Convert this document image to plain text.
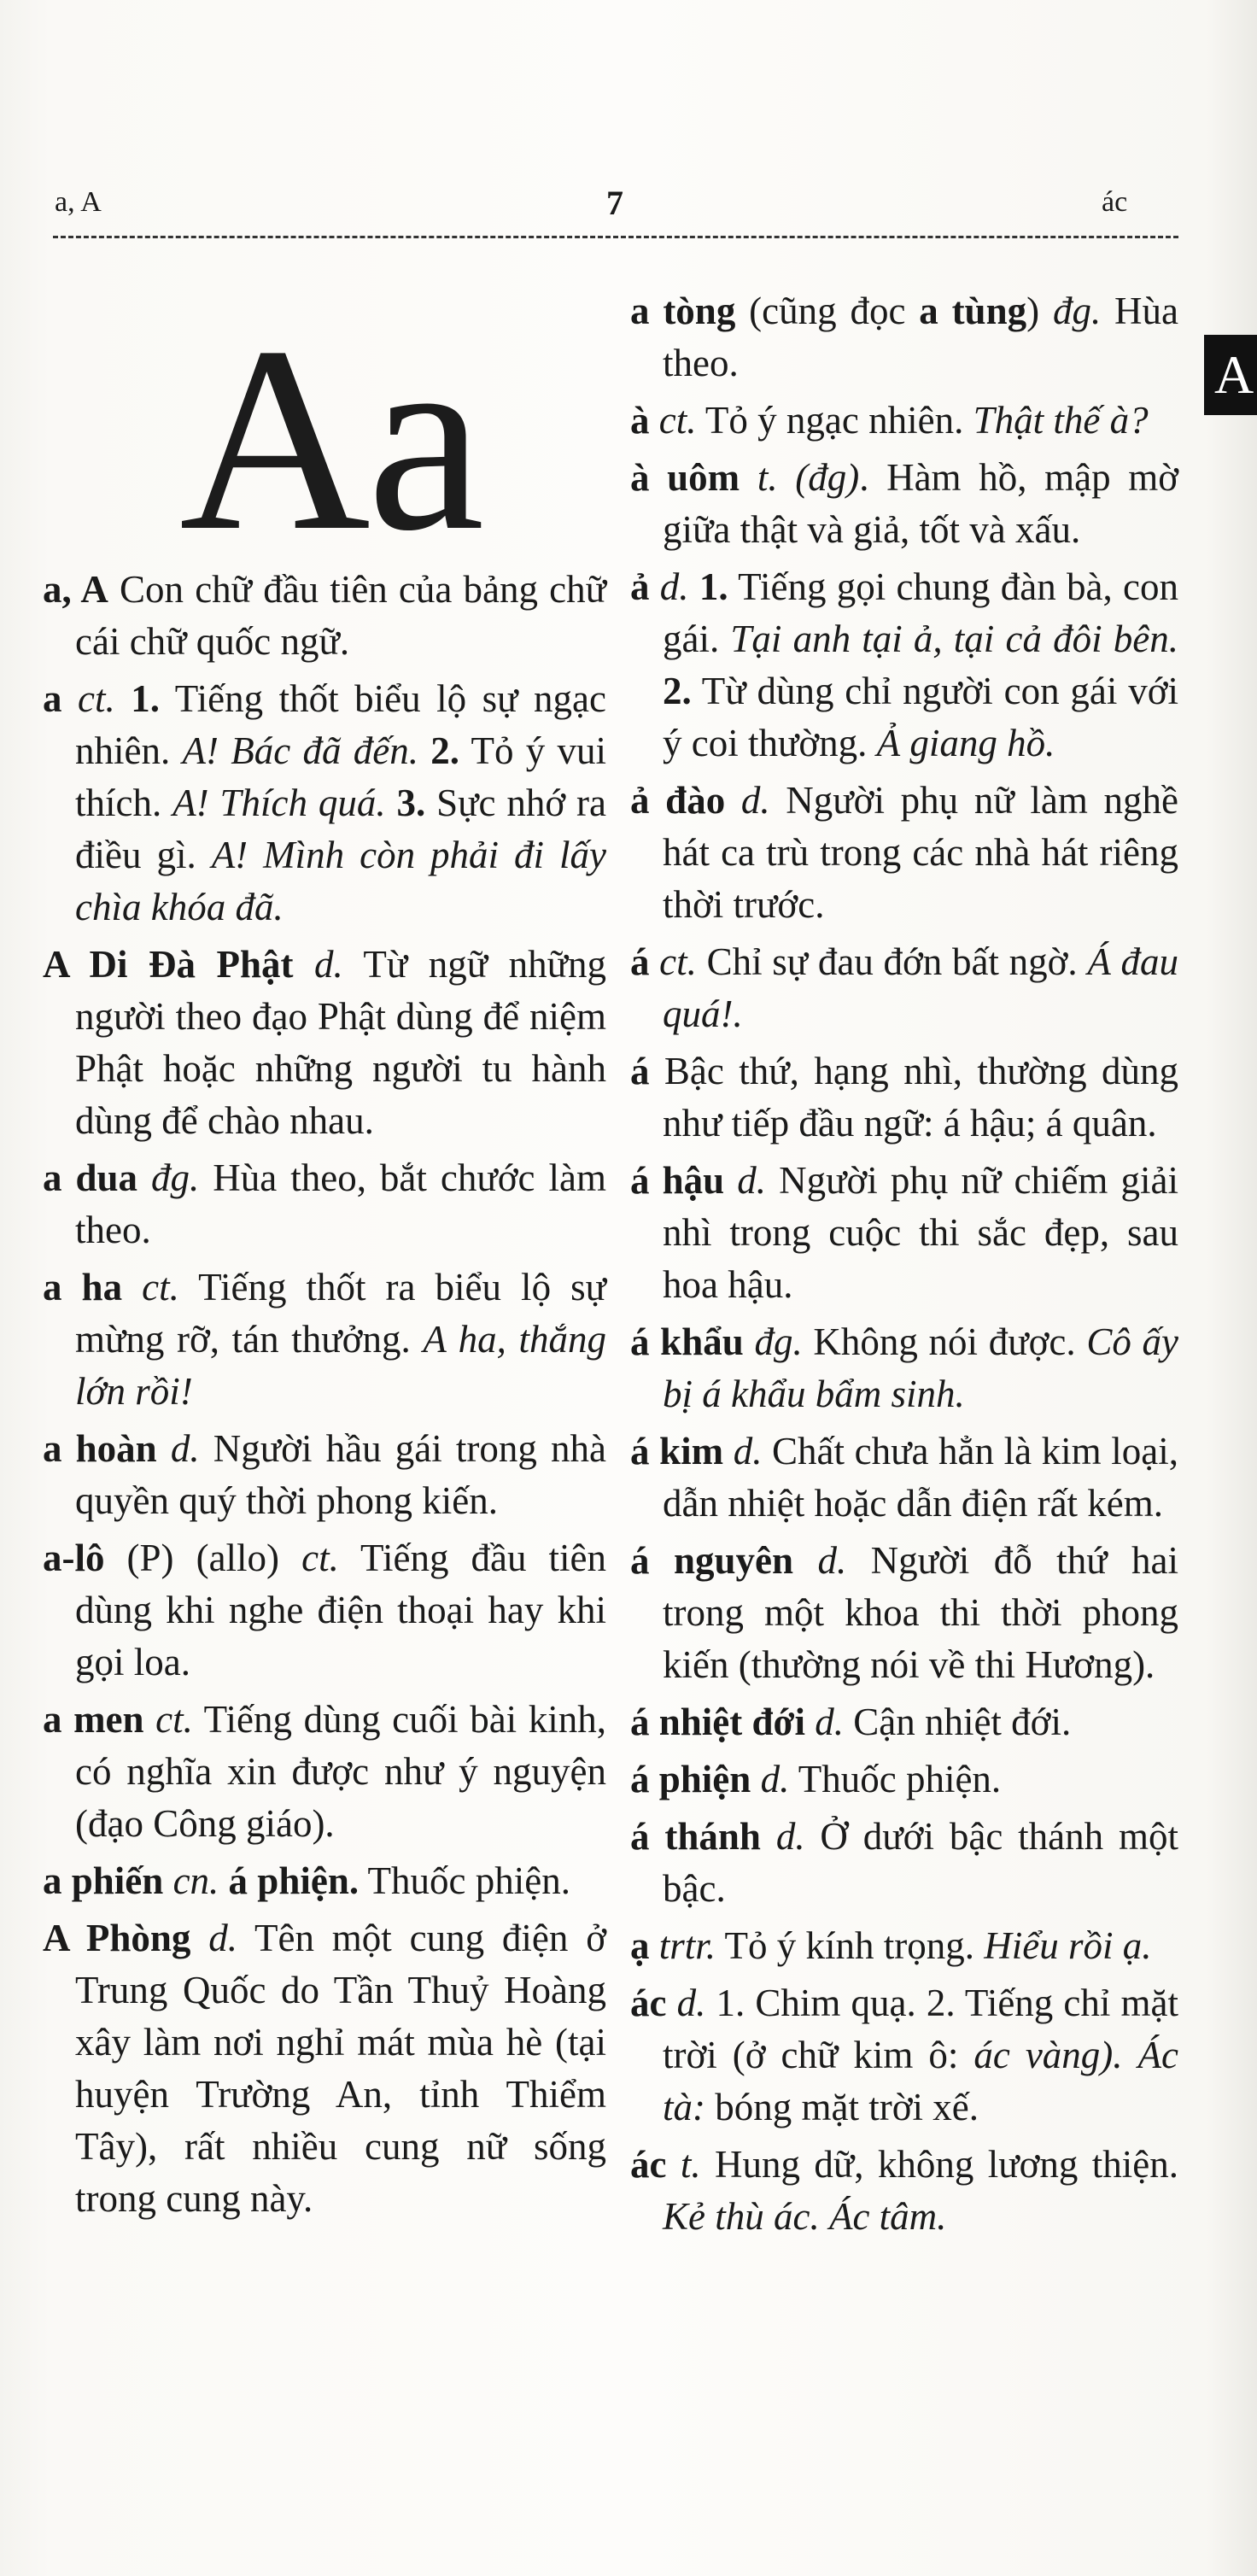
a, A	7	ác
A
Aa

a, A Con chữ đầu tiên của bảng chữ cái chữ quốc ngữ.

a ct. 1. Tiếng thốt biểu lộ sự ngạc nhiên. A! Bác đã đến. 2. Tỏ ý vui thích. A! Thích quá. 3. Sực nhớ ra điều gì. A! Mình còn phải đi lấy chìa khóa đã.

A Di Đà Phật d. Từ ngữ những người theo đạo Phật dùng để niệm Phật hoặc những người tu hành dùng để chào nhau.

a dua đg. Hùa theo, bắt chước làm theo.

a ha ct. Tiếng thốt ra biểu lộ sự mừng rỡ, tán thưởng. A ha, thắng lớn rồi!

a hoàn d. Người hầu gái trong nhà quyền quý thời phong kiến.

a-lô (P) (allo) ct. Tiếng đầu tiên dùng khi nghe điện thoại hay khi gọi loa.

a men ct. Tiếng dùng cuối bài kinh, có nghĩa xin được như ý nguyện (đạo Công giáo).

a phiến cn. á phiện. Thuốc phiện.

A Phòng d. Tên một cung điện ở Trung Quốc do Tần Thuỷ Hoàng xây làm nơi nghỉ mát mùa hè (tại huyện Trường An, tỉnh Thiểm Tây), rất nhiều cung nữ sống trong cung này.

a tòng (cũng đọc a tùng) đg. Hùa theo.

à ct. Tỏ ý ngạc nhiên. Thật thế à?

à uôm t. (đg). Hàm hồ, mập mờ giữa thật và giả, tốt và xấu.

ả d. 1. Tiếng gọi chung đàn bà, con gái. Tại anh tại ả, tại cả đôi bên. 2. Từ dùng chỉ người con gái với ý coi thường. Ả giang hồ.

ả đào d. Người phụ nữ làm nghề hát ca trù trong các nhà hát riêng thời trước.

á ct. Chỉ sự đau đớn bất ngờ. Á đau quá!.

á Bậc thứ, hạng nhì, thường dùng như tiếp đầu ngữ: á hậu; á quân.

á hậu d. Người phụ nữ chiếm giải nhì trong cuộc thi sắc đẹp, sau hoa hậu.

á khẩu đg. Không nói được. Cô ấy bị á khẩu bẩm sinh.

á kim d. Chất chưa hẳn là kim loại, dẫn nhiệt hoặc dẫn điện rất kém.

á nguyên d. Người đỗ thứ hai trong một khoa thi thời phong kiến (thường nói về thi Hương).

á nhiệt đới d. Cận nhiệt đới.

á phiện d. Thuốc phiện.

á thánh d. Ở dưới bậc thánh một bậc.

ạ trtr. Tỏ ý kính trọng. Hiểu rồi ạ.

ác d. 1. Chim quạ. 2. Tiếng chỉ mặt trời (ở chữ kim ô: ác vàng). Ác tà: bóng mặt trời xế.

ác t. Hung dữ, không lương thiện. Kẻ thù ác. Ác tâm.
